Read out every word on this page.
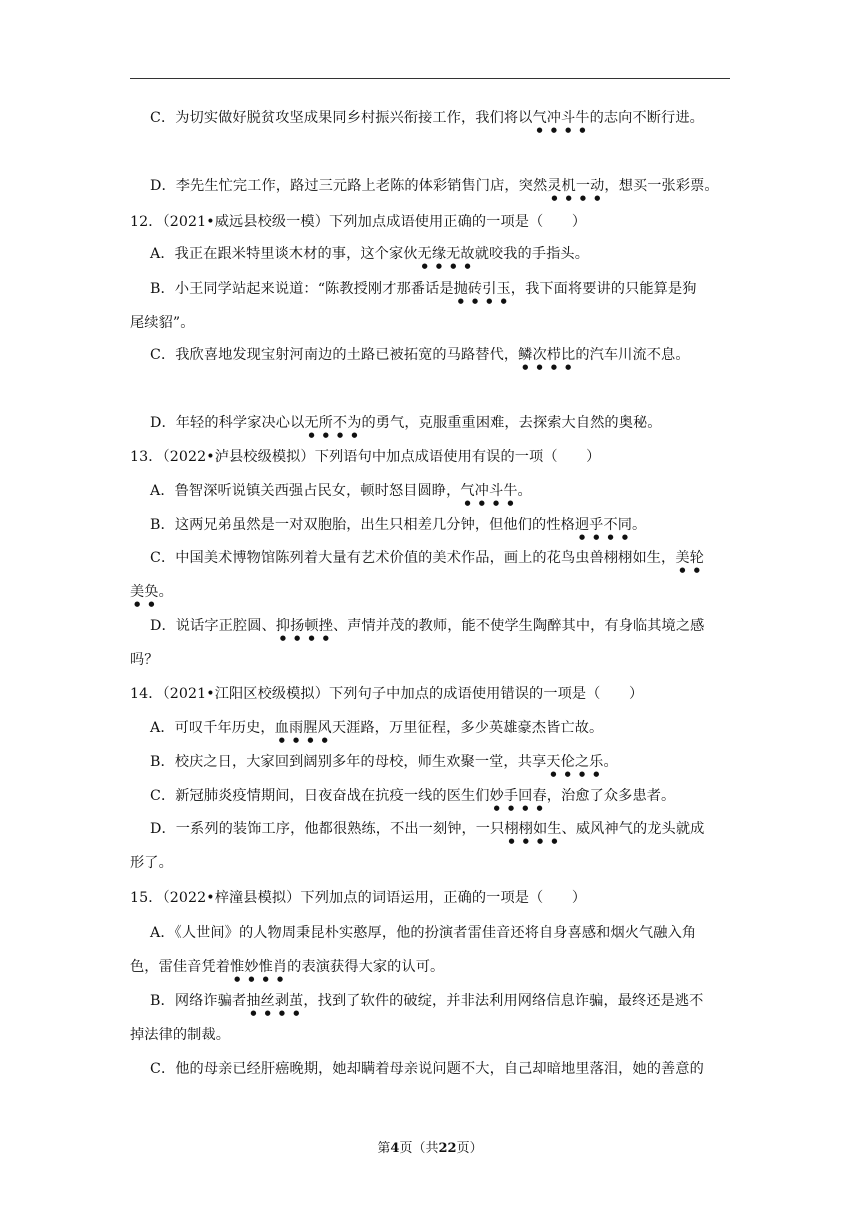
C．为切实做好脱贫攻坚成果同乡村振兴衔接工作，我们将以气冲斗牛的志向不断行进。
D．李先生忙完工作，路过三元路上老陈的体彩销售门店，突然灵机一动，想买一张彩票。
12．（2021•威远县校级一模）下列加点成语使用正确的一项是（　　）
A．我正在跟米特里谈木材的事，这个家伙无缘无故就咬我的手指头。
B．小王同学站起来说道：“陈教授刚才那番话是抛砖引玉，我下面将要讲的只能算是狗
尾续貂”。
C．我欣喜地发现宝射河南边的土路已被拓宽的马路替代，鳞次栉比的汽车川流不息。
D．年轻的科学家决心以无所不为的勇气，克服重重困难，去探索大自然的奥秘。
13．（2022•泸县校级模拟）下列语句中加点成语使用有误的一项（　　）
A．鲁智深听说镇关西强占民女，顿时怒目圆睁，气冲斗牛。
B．这两兄弟虽然是一对双胞胎，出生只相差几分钟，但他们的性格迥乎不同。
C．中国美术博物馆陈列着大量有艺术价值的美术作品，画上的花鸟虫兽栩栩如生，美轮
美奂。
D．说话字正腔圆、抑扬顿挫、声情并茂的教师，能不使学生陶醉其中，有身临其境之感
吗？
14．（2021•江阳区校级模拟）下列句子中加点的成语使用错误的一项是（　　）
A．可叹千年历史，血雨腥风天涯路，万里征程，多少英雄豪杰皆亡故。
B．校庆之日，大家回到阔别多年的母校，师生欢聚一堂，共享天伦之乐。
C．新冠肺炎疫情期间，日夜奋战在抗疫一线的医生们妙手回春，治愈了众多患者。
D．一系列的装饰工序，他都很熟练，不出一刻钟，一只栩栩如生、威风神气的龙头就成
形了。
15．（2022•梓潼县模拟）下列加点的词语运用，正确的一项是（　　）
A．《人世间》的人物周秉昆朴实憨厚，他的扮演者雷佳音还将自身喜感和烟火气融入角
色，雷佳音凭着惟妙惟肖的表演获得大家的认可。
B．网络诈骗者抽丝剥茧，找到了软件的破绽，并非法利用网络信息诈骗，最终还是逃不
掉法律的制裁。
C．他的母亲已经肝癌晚期，她却瞒着母亲说问题不大，自己却暗地里落泪，她的善意的
第4页（共22页）
